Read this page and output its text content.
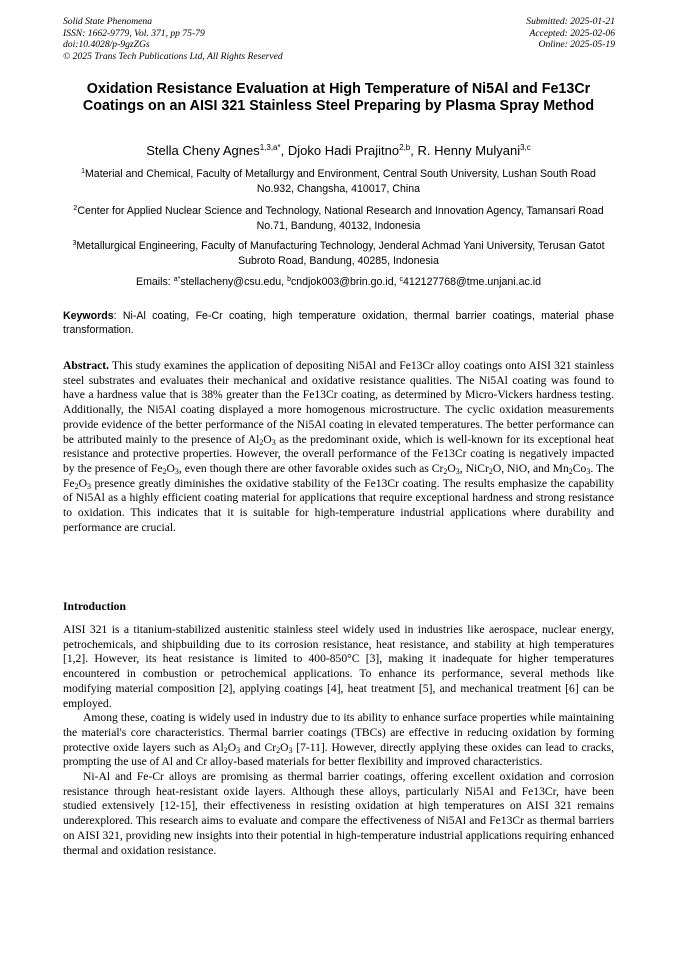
Solid State Phenomena
ISSN: 1662-9779, Vol. 371, pp 75-79
doi:10.4028/p-9gzZGs
© 2025 Trans Tech Publications Ltd, All Rights Reserved
Submitted: 2025-01-21
Accepted: 2025-02-06
Online: 2025-05-19
Oxidation Resistance Evaluation at High Temperature of Ni5Al and Fe13Cr Coatings on an AISI 321 Stainless Steel Preparing by Plasma Spray Method
Stella Cheny Agnes$^{1,3,a*}$, Djoko Hadi Prajitno$^{2,b}$, R. Henny Mulyani$^{3,c}$
$^1$Material and Chemical, Faculty of Metallurgy and Environment, Central South University, Lushan South Road No.932, Changsha, 410017, China
$^2$Center for Applied Nuclear Science and Technology, National Research and Innovation Agency, Tamansari Road No.71, Bandung, 40132, Indonesia
$^3$Metallurgical Engineering, Faculty of Manufacturing Technology, Jenderal Achmad Yani University, Terusan Gatot Subroto Road, Bandung, 40285, Indonesia
Emails: $^{a*}$stellacheny@csu.edu, $^b$cndjok003@brin.go.id, $^c$412127768@tme.unjani.ac.id
Keywords: Ni-Al coating, Fe-Cr coating, high temperature oxidation, thermal barrier coatings, material phase transformation.
Abstract. This study examines the application of depositing Ni5Al and Fe13Cr alloy coatings onto AISI 321 stainless steel substrates and evaluates their mechanical and oxidative resistance qualities. The Ni5Al coating was found to have a hardness value that is 38% greater than the Fe13Cr coating, as determined by Micro-Vickers hardness testing. Additionally, the Ni5Al coating displayed a more homogenous microstructure. The cyclic oxidation measurements provide evidence of the better performance of the Ni5Al coating in elevated temperatures. The better performance can be attributed mainly to the presence of $Al_2O_3$ as the predominant oxide, which is well-known for its exceptional heat resistance and protective properties. However, the overall performance of the Fe13Cr coating is negatively impacted by the presence of $Fe_2O_3$, even though there are other favorable oxides such as $Cr_2O_3$, NiCr$_2$O, NiO, and $Mn_2Co_3$. The $Fe_2O_3$ presence greatly diminishes the oxidative stability of the Fe13Cr coating. The results emphasize the capability of Ni5Al as a highly efficient coating material for applications that require exceptional hardness and strong resistance to oxidation. This indicates that it is suitable for high-temperature industrial applications where durability and performance are crucial.
Introduction

AISI 321 is a titanium-stabilized austenitic stainless steel widely used in industries like aerospace, nuclear energy, petrochemicals, and shipbuilding due to its corrosion resistance, heat resistance, and stability at high temperatures [1,2]. However, its heat resistance is limited to 400-850°C [3], making it inadequate for higher temperatures encountered in combustion or petrochemical applications. To enhance its performance, several methods like modifying material composition [2], applying coatings [4], heat treatment [5], and mechanical treatment [6] can be employed.

Among these, coating is widely used in industry due to its ability to enhance surface properties while maintaining the material's core characteristics. Thermal barrier coatings (TBCs) are effective in reducing oxidation by forming protective oxide layers such as $Al_2O_3$ and $Cr_2O_3$ [7-11]. However, directly applying these oxides can lead to cracks, prompting the use of Al and Cr alloy-based materials for better flexibility and improved characteristics.

Ni-Al and Fe-Cr alloys are promising as thermal barrier coatings, offering excellent oxidation and corrosion resistance through heat-resistant oxide layers. Although these alloys, particularly Ni5Al and Fe13Cr, have been studied extensively [12-15], their effectiveness in resisting oxidation at high temperatures on AISI 321 remains underexplored. This research aims to evaluate and compare the effectiveness of Ni5Al and Fe13Cr as thermal barriers on AISI 321, providing new insights into their potential in high-temperature industrial applications requiring enhanced thermal and oxidation resistance.
